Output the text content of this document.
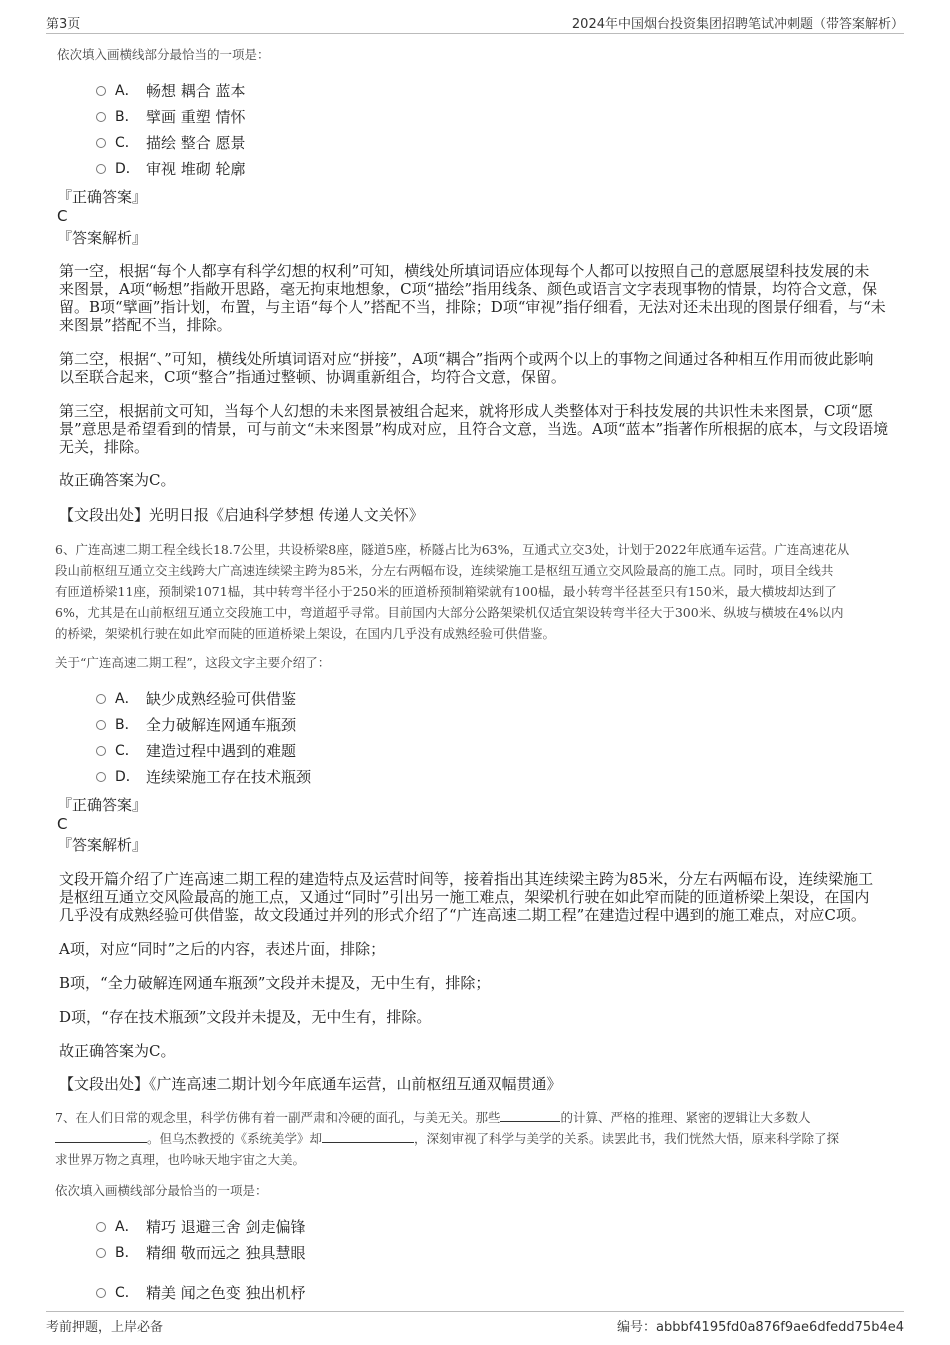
第3页	2024年中国烟台投资集团招聘笔试冲刺题（带答案解析）
依次填入画横线部分最恰当的一项是：
A． 畅想 耦合 蓝本
B． 擘画 重塑 情怀
C． 描绘 整合 愿景
D． 审视 堆砌 轮廓
『正确答案』
C
『答案解析』
第一空，根据“每个人都享有科学幻想的权利”可知，横线处所填词语应体现每个人都可以按照自己的意愿展望科技发展的未
来图景，A项“畅想”指敞开思路，毫无拘束地想象，C项“描绘”指用线条、颜色或语言文字表现事物的情景，均符合文意，保
留。B项“擘画”指计划，布置，与主语“每个人”搭配不当，排除；D项“审视”指仔细看，无法对还未出现的图景仔细看，与“未
来图景”搭配不当，排除。
第二空，根据“、”可知，横线处所填词语对应“拼接”，A项“耦合”指两个或两个以上的事物之间通过各种相互作用而彼此影响
以至联合起来，C项“整合”指通过整顿、协调重新组合，均符合文意，保留。
第三空，根据前文可知，当每个人幻想的未来图景被组合起来，就将形成人类整体对于科技发展的共识性未来图景，C项“愿
景”意思是希望看到的情景，可与前文“未来图景”构成对应，且符合文意，当选。A项“蓝本”指著作所根据的底本，与文段语境
无关，排除。
故正确答案为C。
【文段出处】光明日报《启迪科学梦想 传递人文关怀》
6、广连高速二期工程全线长18.7公里，共设桥梁8座，隧道5座，桥隧占比为63%，互通式立交3处，计划于2022年底通车运营。广连高速花从
段山前枢纽互通立交主线跨大广高速连续梁主跨为85米，分左右两幅布设，连续梁施工是枢纽互通立交风险最高的施工点。同时，项目全线共
有匝道桥梁11座，预制梁1071榀，其中转弯半径小于250米的匝道桥预制箱梁就有100榀，最小转弯半径甚至只有150米，最大横坡却达到了
6%，尤其是在山前枢纽互通立交段施工中，弯道超乎寻常。目前国内大部分公路架梁机仅适宜架设转弯半径大于300米、纵坡与横坡在4%以内
的桥梁，架梁机行驶在如此窄而陡的匝道桥梁上架设，在国内几乎没有成熟经验可供借鉴。
关于“广连高速二期工程”，这段文字主要介绍了：
A． 缺少成熟经验可供借鉴
B． 全力破解连网通车瓶颈
C． 建造过程中遇到的难题
D． 连续梁施工存在技术瓶颈
『正确答案』
C
『答案解析』
文段开篇介绍了广连高速二期工程的建造特点及运营时间等，接着指出其连续梁主跨为85米，分左右两幅布设，连续梁施工
是枢纽互通立交风险最高的施工点，又通过“同时”引出另一施工难点，架梁机行驶在如此窄而陡的匝道桥梁上架设，在国内
几乎没有成熟经验可供借鉴，故文段通过并列的形式介绍了“广连高速二期工程”在建造过程中遇到的施工难点，对应C项。
A项，对应“同时”之后的内容，表述片面，排除；
B项，“全力破解连网通车瓶颈”文段并未提及，无中生有，排除；
D项，“存在技术瓶颈”文段并未提及，无中生有，排除。
故正确答案为C。
【文段出处】《广连高速二期计划今年底通车运营，山前枢纽互通双幅贯通》
7、在人们日常的观念里，科学仿佛有着一副严肃和冷硬的面孔，与美无关。那些	的计算、严格的推理、紧密的逻辑让大多数人
。但乌杰教授的《系统美学》却	，深刻审视了科学与美学的关系。读罢此书，我们恍然大悟，原来科学除了探
求世界万物之真理，也吟咏天地宇宙之大美。
依次填入画横线部分最恰当的一项是：
A． 精巧 退避三舍 剑走偏锋
B． 精细 敬而远之 独具慧眼
C． 精美 闻之色变 独出机杼
考前押题，上岸必备	编号：abbbf4195fd0a876f9ae6dfedd75b4e4
